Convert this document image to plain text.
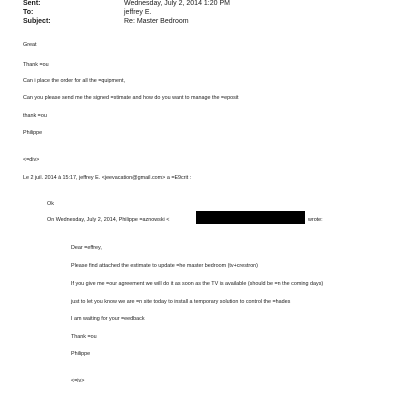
Sent:	Wednesday, July 2, 2014 1:20 PM
To:	jeffrey E.
Subject:	Re: Master Bedroom
Great
Thank =ou
Can i place the order for all the =quipment,
Can you please send me the signed =stimate and how do you want to manage the =eposit
thank =ou
Philippe
<=div>
Le 2 juil. 2014 à 15:17, jeffrey E. <jeevacation@gmail.com> a =E9crit :
Ok
On Wednesday, July 2, 2014, Philippe =aznowski <	wrote:
Dear =effrey,
Please find attached the estimate to update =he master bedroom (tv+crestron)
If you give me =our agreement we will do it as soon as the TV is available (should be =n the coming days)
just to let you know we are =n site today to install a temporary solution to control the =hades
I am waiting for your =eedback
Thank =ou
Philippe
<=iv>
